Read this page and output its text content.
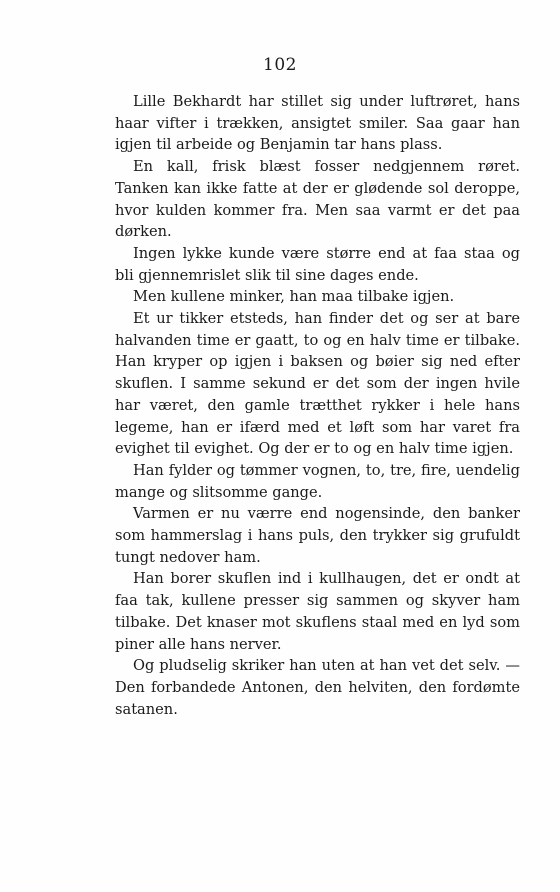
102

Lille Bekhardt har stillet sig under luftrøret, hans haar vifter i trækken, ansigtet smiler. Saa gaar han igjen til arbeide og Benjamin tar hans plass.

En kall, frisk blæst fosser nedgjennem røret. Tanken kan ikke fatte at der er glødende sol deroppe, hvor kulden kommer fra. Men saa varmt er det paa dørken.

Ingen lykke kunde være større end at faa staa og bli gjennemrislet slik til sine dages ende.

Men kullene minker, han maa tilbake igjen.

Et ur tikker etsteds, han finder det og ser at bare halvanden time er gaatt, to og en halv time er tilbake. Han kryper op igjen i baksen og bøier sig ned efter skuflen. I samme sekund er det som der ingen hvile har været, den gamle trætthet rykker i hele hans legeme, han er ifærd med et løft som har varet fra evighet til evighet. Og der er to og en halv time igjen.

Han fylder og tømmer vognen, to, tre, fire, uendelig mange og slitsomme gange.

Varmen er nu værre end nogensinde, den banker som hammerslag i hans puls, den trykker sig grufuldt tungt nedover ham.

Han borer skuflen ind i kullhaugen, det er ondt at faa tak, kullene presser sig sammen og skyver ham tilbake. Det knaser mot skuflens staal med en lyd som piner alle hans nerver.

Og pludselig skriker han uten at han vet det selv. — Den forbandede Antonen, den helviten, den fordømte satanen.
